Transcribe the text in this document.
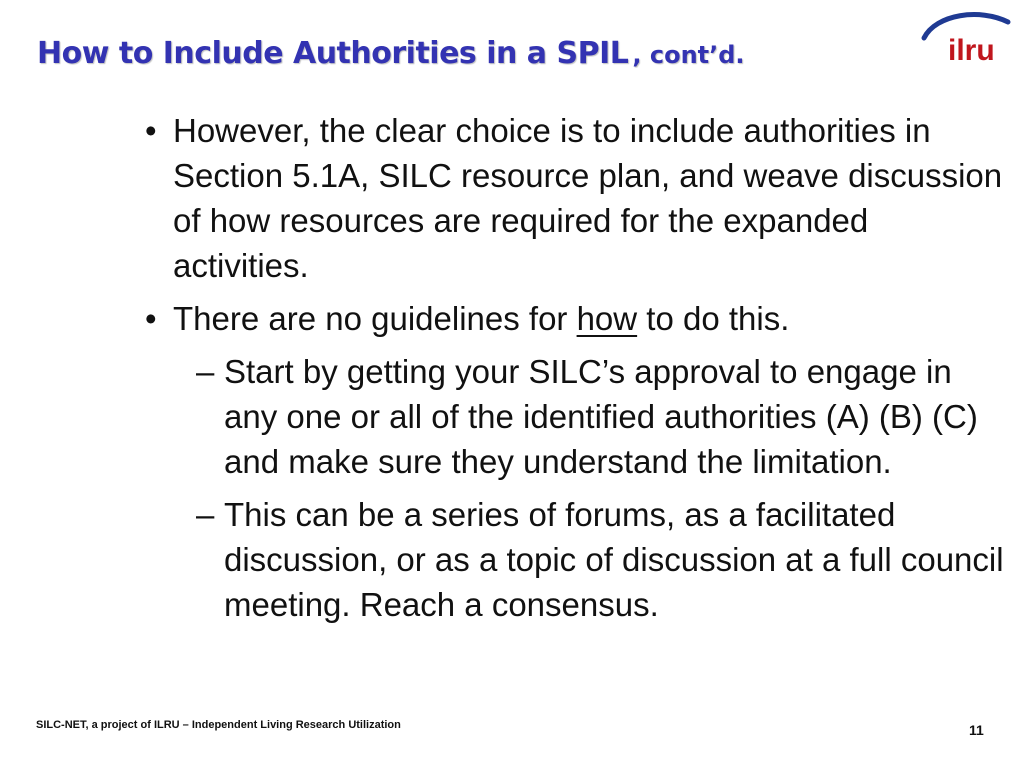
How to Include Authorities in a SPIL , cont’d.	ilru
• However, the clear choice is to include authorities in Section 5.1A, SILC resource plan, and weave discussion of how resources are required for the expanded activities.
• There are no guidelines for how to do this.
– Start by getting your SILC’s approval to engage in any one or all of the identified authorities (A) (B) (C) and make sure they understand the limitation.
– This can be a series of forums, as a facilitated discussion, or as a topic of discussion at a full council meeting. Reach a consensus.
SILC-NET, a project of ILRU – Independent Living Research Utilization	11
